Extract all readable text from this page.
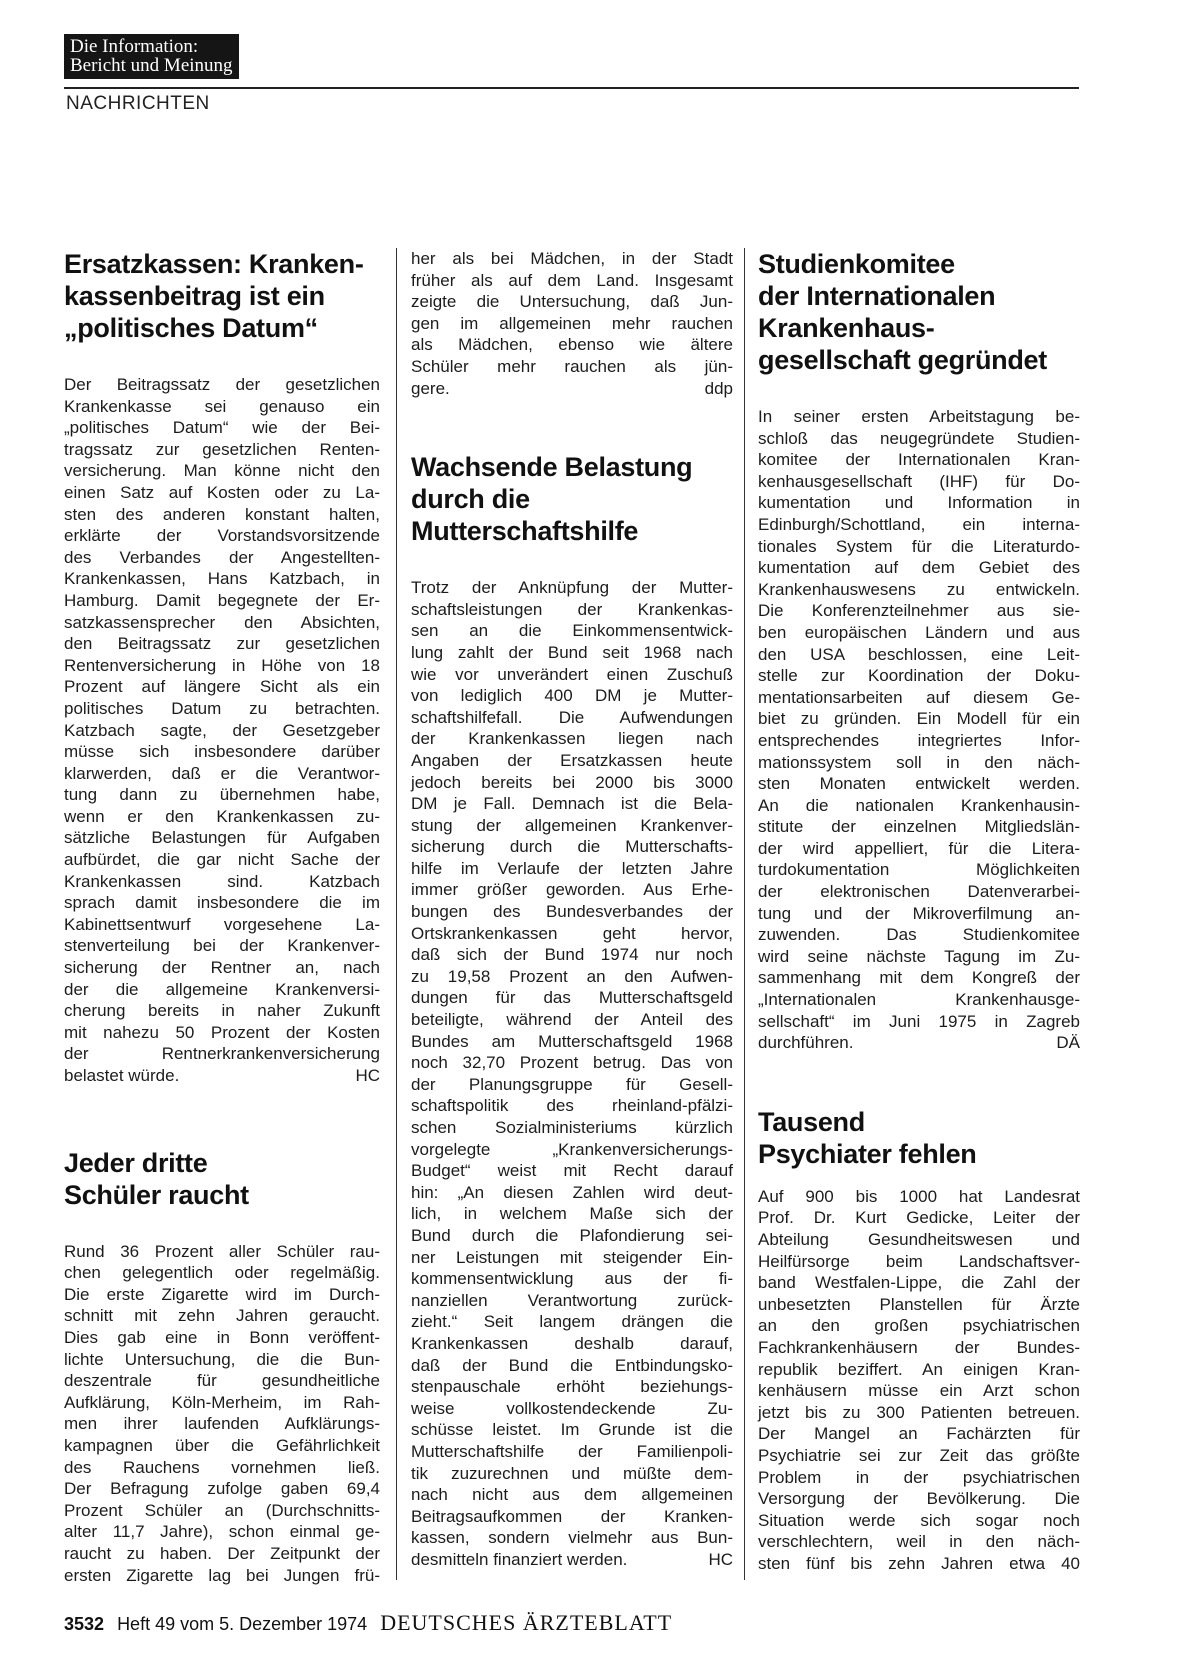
Die Information:
Bericht und Meinung
NACHRICHTEN
Ersatzkassen: Kranken-
kassenbeitrag ist ein
„politisches Datum“
Der Beitragssatz der gesetzlichen
Krankenkasse sei genauso ein
„politisches Datum“ wie der Bei-
tragssatz zur gesetzlichen Renten-
versicherung. Man könne nicht den
einen Satz auf Kosten oder zu La-
sten des anderen konstant halten,
erklärte der Vorstandsvorsitzende
des Verbandes der Angestellten-
Krankenkassen, Hans Katzbach, in
Hamburg. Damit begegnete der Er-
satzkassensprecher den Absichten,
den Beitragssatz zur gesetzlichen
Rentenversicherung in Höhe von 18
Prozent auf längere Sicht als ein
politisches Datum zu betrachten.
Katzbach sagte, der Gesetzgeber
müsse sich insbesondere darüber
klarwerden, daß er die Verantwor-
tung dann zu übernehmen habe,
wenn er den Krankenkassen zu-
sätzliche Belastungen für Aufgaben
aufbürdet, die gar nicht Sache der
Krankenkassen sind. Katzbach
sprach damit insbesondere die im
Kabinettsentwurf vorgesehene La-
stenverteilung bei der Krankenver-
sicherung der Rentner an, nach
der die allgemeine Krankenversi-
cherung bereits in naher Zukunft
mit nahezu 50 Prozent der Kosten
der Rentnerkrankenversicherung
belastet würde.	HC
Jeder dritte
Schüler raucht
Rund 36 Prozent aller Schüler rau-
chen gelegentlich oder regelmäßig.
Die erste Zigarette wird im Durch-
schnitt mit zehn Jahren geraucht.
Dies gab eine in Bonn veröffent-
lichte Untersuchung, die die Bun-
deszentrale für gesundheitliche
Aufklärung, Köln-Merheim, im Rah-
men ihrer laufenden Aufklärungs-
kampagnen über die Gefährlichkeit
des Rauchens vornehmen ließ.
Der Befragung zufolge gaben 69,4
Prozent Schüler an (Durchschnitts-
alter 11,7 Jahre), schon einmal ge-
raucht zu haben. Der Zeitpunkt der
ersten Zigarette lag bei Jungen frü-
her als bei Mädchen, in der Stadt
früher als auf dem Land. Insgesamt
zeigte die Untersuchung, daß Jun-
gen im allgemeinen mehr rauchen
als Mädchen, ebenso wie ältere
Schüler mehr rauchen als jün-
gere.	ddp
Wachsende Belastung
durch die
Mutterschaftshilfe
Trotz der Anknüpfung der Mutter-
schaftsleistungen der Krankenkas-
sen an die Einkommensentwick-
lung zahlt der Bund seit 1968 nach
wie vor unverändert einen Zuschuß
von lediglich 400 DM je Mutter-
schaftshilfefall. Die Aufwendungen
der Krankenkassen liegen nach
Angaben der Ersatzkassen heute
jedoch bereits bei 2000 bis 3000
DM je Fall. Demnach ist die Bela-
stung der allgemeinen Krankenver-
sicherung durch die Mutterschafts-
hilfe im Verlaufe der letzten Jahre
immer größer geworden. Aus Erhe-
bungen des Bundesverbandes der
Ortskrankenkassen geht hervor,
daß sich der Bund 1974 nur noch
zu 19,58 Prozent an den Aufwen-
dungen für das Mutterschaftsgeld
beteiligte, während der Anteil des
Bundes am Mutterschaftsgeld 1968
noch 32,70 Prozent betrug. Das von
der Planungsgruppe für Gesell-
schaftspolitik des rheinland-pfälzi-
schen Sozialministeriums kürzlich
vorgelegte „Krankenversicherungs-
Budget“ weist mit Recht darauf
hin: „An diesen Zahlen wird deut-
lich, in welchem Maße sich der
Bund durch die Plafondierung sei-
ner Leistungen mit steigender Ein-
kommensentwicklung aus der fi-
nanziellen Verantwortung zurück-
zieht.“ Seit langem drängen die
Krankenkassen deshalb darauf,
daß der Bund die Entbindungsko-
stenpauschale erhöht beziehungs-
weise vollkostendeckende Zu-
schüsse leistet. Im Grunde ist die
Mutterschaftshilfe der Familienpoli-
tik zuzurechnen und müßte dem-
nach nicht aus dem allgemeinen
Beitragsaufkommen der Kranken-
kassen, sondern vielmehr aus Bun-
desmitteln finanziert werden.	HC
Studienkomitee
der Internationalen
Krankenhaus-
gesellschaft gegründet
In seiner ersten Arbeitstagung be-
schloß das neugegründete Studien-
komitee der Internationalen Kran-
kenhausgesellschaft (IHF) für Do-
kumentation und Information in
Edinburgh/Schottland, ein interna-
tionales System für die Literaturdo-
kumentation auf dem Gebiet des
Krankenhauswesens zu entwickeln.
Die Konferenzteilnehmer aus sie-
ben europäischen Ländern und aus
den USA beschlossen, eine Leit-
stelle zur Koordination der Doku-
mentationsarbeiten auf diesem Ge-
biet zu gründen. Ein Modell für ein
entsprechendes integriertes Infor-
mationssystem soll in den näch-
sten Monaten entwickelt werden.
An die nationalen Krankenhausin-
stitute der einzelnen Mitgliedslän-
der wird appelliert, für die Litera-
turdokumentation Möglichkeiten
der elektronischen Datenverarbei-
tung und der Mikroverfilmung an-
zuwenden. Das Studienkomitee
wird seine nächste Tagung im Zu-
sammenhang mit dem Kongreß der
„Internationalen Krankenhausge-
sellschaft“ im Juni 1975 in Zagreb
durchführen.	DÄ
Tausend
Psychiater fehlen
Auf 900 bis 1000 hat Landesrat
Prof. Dr. Kurt Gedicke, Leiter der
Abteilung Gesundheitswesen und
Heilfürsorge beim Landschaftsver-
band Westfalen-Lippe, die Zahl der
unbesetzten Planstellen für Ärzte
an den großen psychiatrischen
Fachkrankenhäusern der Bundes-
republik beziffert. An einigen Kran-
kenhäusern müsse ein Arzt schon
jetzt bis zu 300 Patienten betreuen.
Der Mangel an Fachärzten für
Psychiatrie sei zur Zeit das größte
Problem in der psychiatrischen
Versorgung der Bevölkerung. Die
Situation werde sich sogar noch
verschlechtern, weil in den näch-
sten fünf bis zehn Jahren etwa 40
3532 Heft 49 vom 5. Dezember 1974 DEUTSCHES ÄRZTEBLATT
